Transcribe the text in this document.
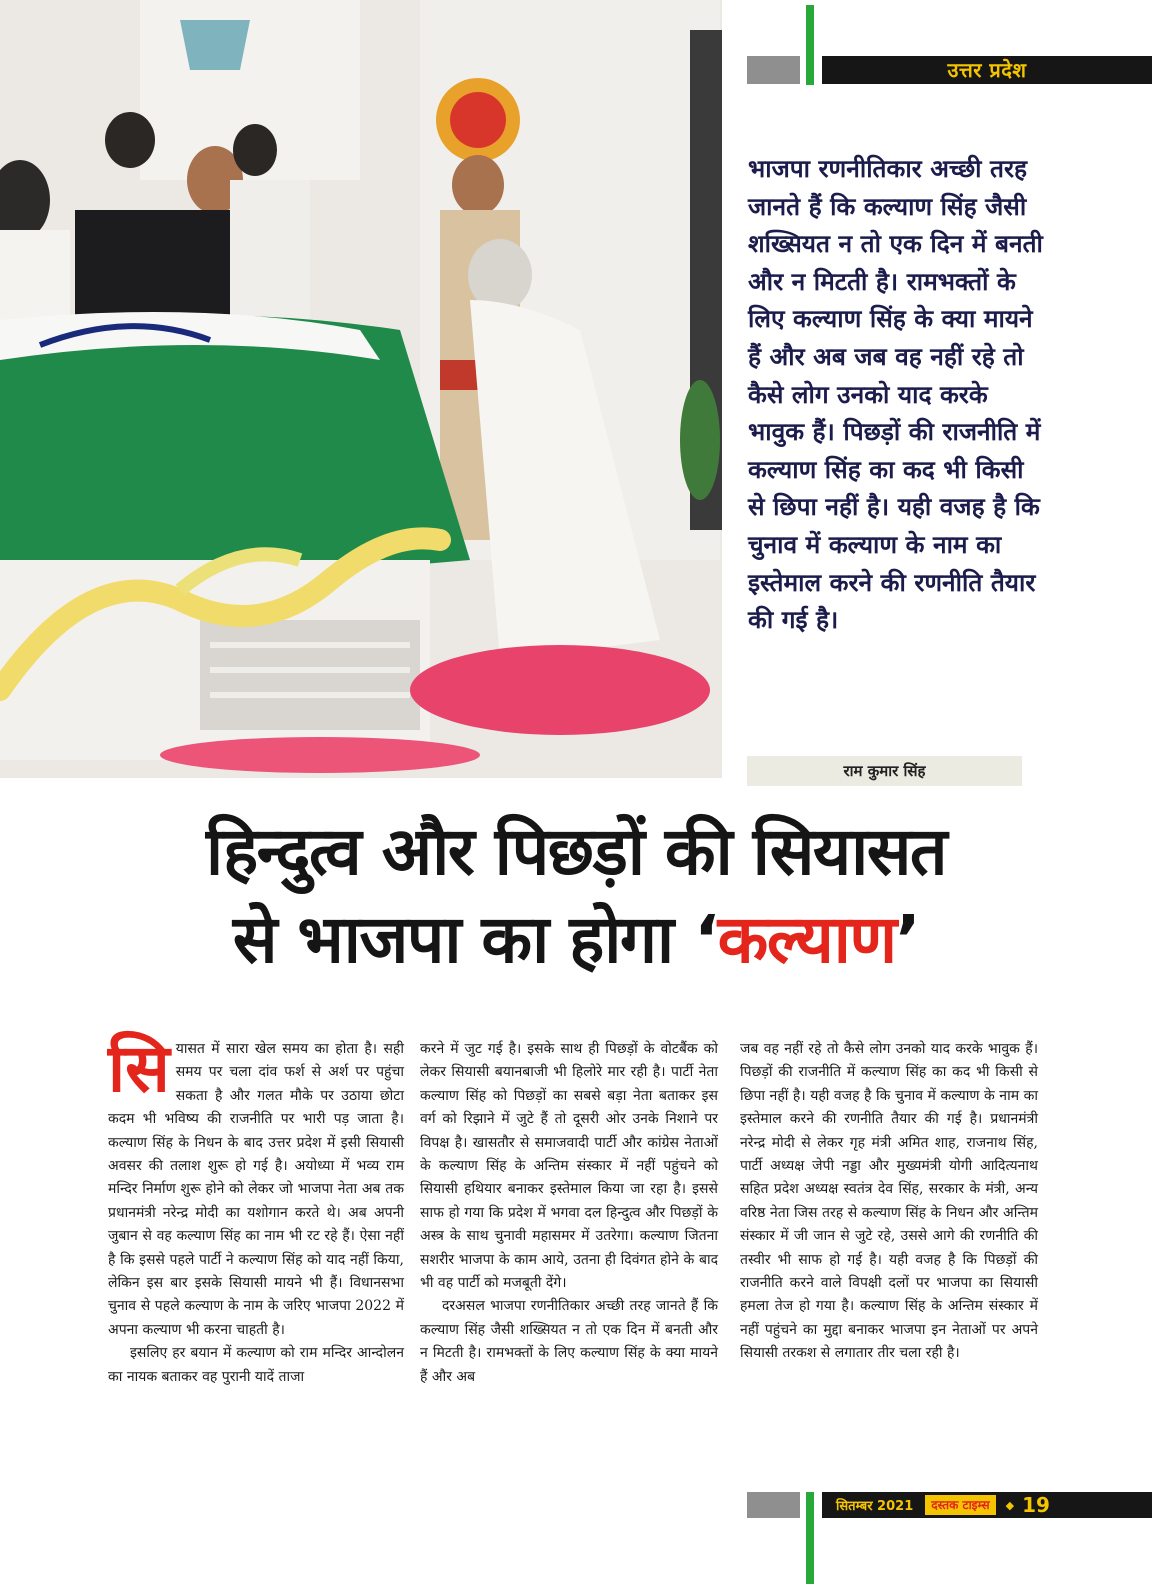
उत्तर प्रदेश
भाजपा रणनीतिकार अच्छी तरह जानते हैं कि कल्याण सिंह जैसी शख्सियत न तो एक दिन में बनती और न मिटती है। रामभक्तों के लिए कल्याण सिंह के क्या मायने हैं और अब जब वह नहीं रहे तो कैसे लोग उनको याद करके भावुक हैं। पिछड़ों की राजनीति में कल्याण सिंह का कद भी किसी से छिपा नहीं है। यही वजह है कि चुनाव में कल्याण के नाम का इस्तेमाल करने की रणनीति तैयार की गई है।
राम कुमार सिंह
हिन्दुत्व और पिछड़ों की सियासत
से भाजपा का होगा ‘कल्याण’

सियासत में सारा खेल समय का होता है। सही समय पर चला दांव फर्श से अर्श पर पहुंचा सकता है और गलत मौके पर उठाया छोटा कदम भी भविष्य की राजनीति पर भारी पड़ जाता है। कल्याण सिंह के निधन के बाद उत्तर प्रदेश में इसी सियासी अवसर की तलाश शुरू हो गई है। अयोध्या में भव्य राम मन्दिर निर्माण शुरू होने को लेकर जो भाजपा नेता अब तक प्रधानमंत्री नरेन्द्र मोदी का यशोगान करते थे। अब अपनी जुबान से वह कल्याण सिंह का नाम भी रट रहे हैं। ऐसा नहीं है कि इससे पहले पार्टी ने कल्याण सिंह को याद नहीं किया, लेकिन इस बार इसके सियासी मायने भी हैं। विधानसभा चुनाव से पहले कल्याण के नाम के जरिए भाजपा 2022 में अपना कल्याण भी करना चाहती है।

इसलिए हर बयान में कल्याण को राम मन्दिर आन्दोलन का नायक बताकर वह पुरानी यादें ताजा

करने में जुट गई है। इसके साथ ही पिछड़ों के वोटबैंक को लेकर सियासी बयानबाजी भी हिलोरे मार रही है। पार्टी नेता कल्याण सिंह को पिछड़ों का सबसे बड़ा नेता बताकर इस वर्ग को रिझाने में जुटे हैं तो दूसरी ओर उनके निशाने पर विपक्ष है। खासतौर से समाजवादी पार्टी और कांग्रेस नेताओं के कल्याण सिंह के अन्तिम संस्कार में नहीं पहुंचने को सियासी हथियार बनाकर इस्तेमाल किया जा रहा है। इससे साफ हो गया कि प्रदेश में भगवा दल हिन्दुत्व और पिछड़ों के अस्त्र के साथ चुनावी महासमर में उतरेगा। कल्याण जितना सशरीर भाजपा के काम आये, उतना ही दिवंगत होने के बाद भी वह पार्टी को मजबूती देंगे।

दरअसल भाजपा रणनीतिकार अच्छी तरह जानते हैं कि कल्याण सिंह जैसी शख्सियत न तो एक दिन में बनती और न मिटती है। रामभक्तों के लिए कल्याण सिंह के क्या मायने हैं और अब

जब वह नहीं रहे तो कैसे लोग उनको याद करके भावुक हैं। पिछड़ों की राजनीति में कल्याण सिंह का कद भी किसी से छिपा नहीं है। यही वजह है कि चुनाव में कल्याण के नाम का इस्तेमाल करने की रणनीति तैयार की गई है। प्रधानमंत्री नरेन्द्र मोदी से लेकर गृह मंत्री अमित शाह, राजनाथ सिंह, पार्टी अध्यक्ष जेपी नड्डा और मुख्यमंत्री योगी आदित्यनाथ सहित प्रदेश अध्यक्ष स्वतंत्र देव सिंह, सरकार के मंत्री, अन्य वरिष्ठ नेता जिस तरह से कल्याण सिंह के निधन और अन्तिम संस्कार में जी जान से जुटे रहे, उससे आगे की रणनीति की तस्वीर भी साफ हो गई है। यही वजह है कि पिछड़ों की राजनीति करने वाले विपक्षी दलों पर भाजपा का सियासी हमला तेज हो गया है। कल्याण सिंह के अन्तिम संस्कार में नहीं पहुंचने का मुद्दा बनाकर भाजपा इन नेताओं पर अपने सियासी तरकश से लगातार तीर चला रही है।

सितम्बर 2021	दस्तक टाइम्स	◆ 19
